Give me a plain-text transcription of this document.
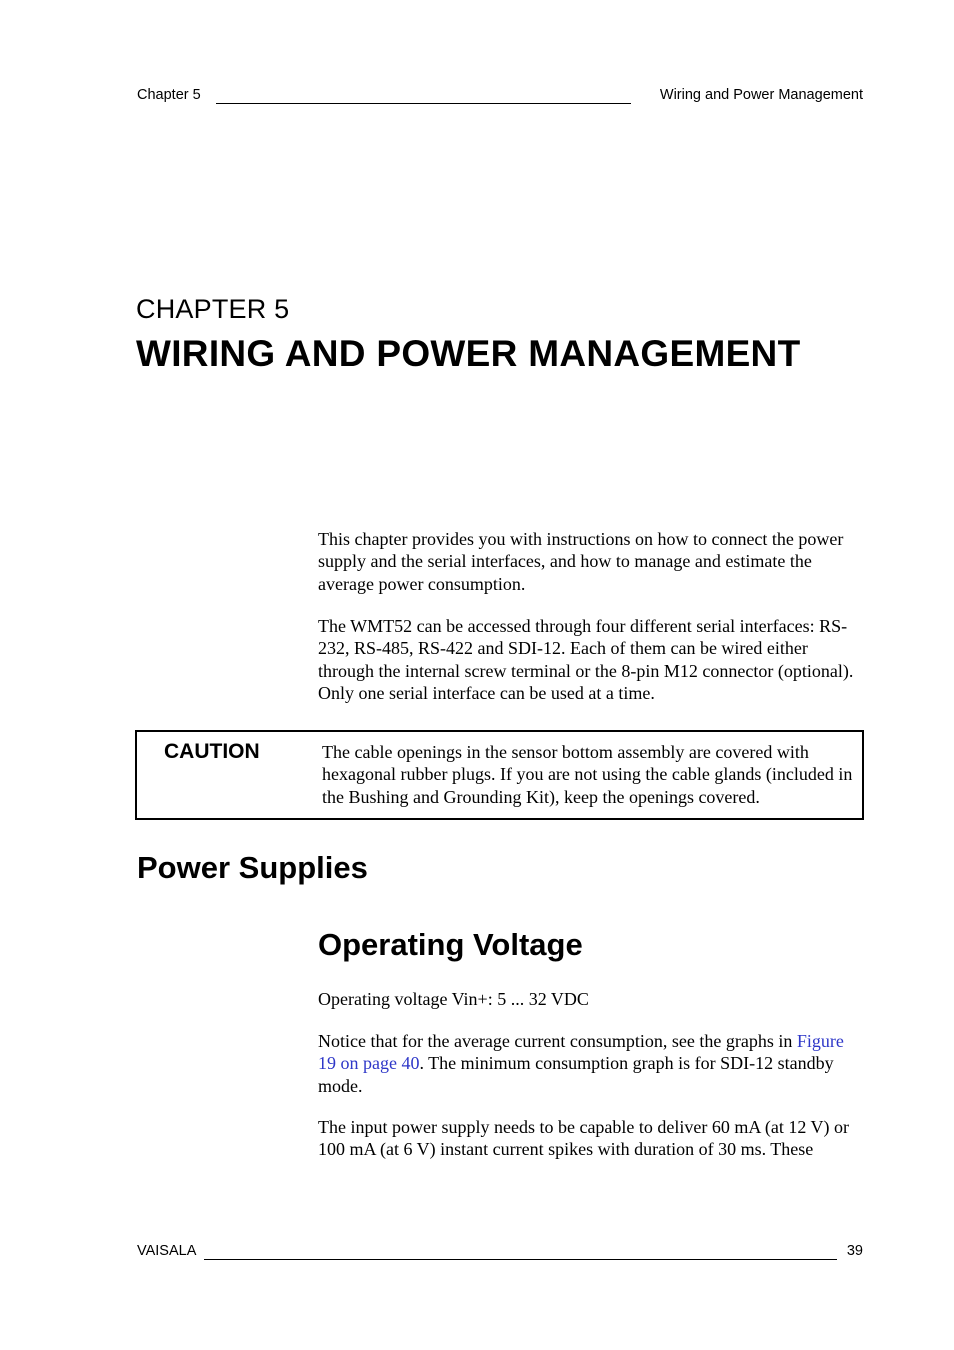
Chapter 5	Wiring and Power Management
CHAPTER 5
WIRING AND POWER MANAGEMENT
This chapter provides you with instructions on how to connect the power supply and the serial interfaces, and how to manage and estimate the average power consumption.
The WMT52 can be accessed through four different serial interfaces: RS-232, RS-485, RS-422 and SDI-12. Each of them can be wired either through the internal screw terminal or the 8-pin M12 connector (optional). Only one serial interface can be used at a time.
CAUTION	The cable openings in the sensor bottom assembly are covered with hexagonal rubber plugs. If you are not using the cable glands (included in the Bushing and Grounding Kit), keep the openings covered.
Power Supplies
Operating Voltage
Operating voltage Vin+: 5 ... 32 VDC
Notice that for the average current consumption, see the graphs in Figure 19 on page 40. The minimum consumption graph is for SDI-12 standby mode.
The input power supply needs to be capable to deliver 60 mA (at 12 V) or 100 mA (at 6 V) instant current spikes with duration of 30 ms. These
VAISALA	39
